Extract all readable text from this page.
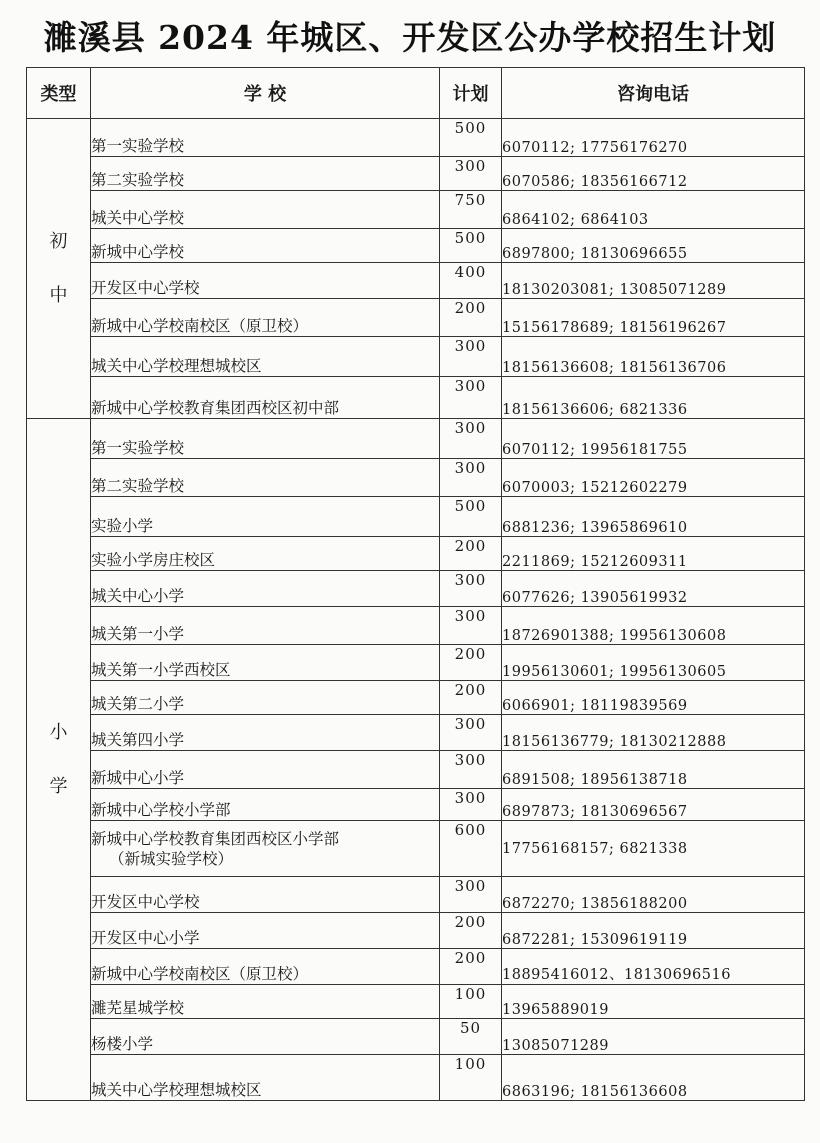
濉溪县 2024 年城区、开发区公办学校招生计划
类型	学 校	计划	咨询电话

初
中	第一实验学校	500	6070112; 17756176270

	第二实验学校	300	6070586; 18356166712

	城关中心学校	750	6864102; 6864103

	新城中心学校	500	6897800; 18130696655

	开发区中心学校	400	18130203081; 13085071289

	新城中心学校南校区（原卫校）	200	15156178689; 18156196267

	城关中心学校理想城校区	300	18156136608; 18156136706

	新城中心学校教育集团西校区初中部	300	18156136606; 6821336

小
学	第一实验学校	300	6070112; 19956181755

	第二实验学校	300	6070003; 15212602279

	实验小学	500	6881236; 13965869610

	实验小学房庄校区	200	2211869; 15212609311

	城关中心小学	300	6077626; 13905619932

	城关第一小学	300	18726901388; 19956130608

	城关第一小学西校区	200	19956130601; 19956130605

	城关第二小学	200	6066901; 18119839569

	城关第四小学	300	18156136779; 18130212888

	新城中心小学	300	6891508; 18956138718

	新城中心学校小学部	300	6897873; 18130696567

	新城中心学校教育集团西校区小学部
（新城实验学校）	600	17756168157; 6821338

	开发区中心学校	300	6872270; 13856188200

	开发区中心小学	200	6872281; 15309619119

	新城中心学校南校区（原卫校）	200	18895416012、18130696516

	濉芜星城学校	100	13965889019

	杨楼小学	50	13085071289

	城关中心学校理想城校区	100	6863196; 18156136608
